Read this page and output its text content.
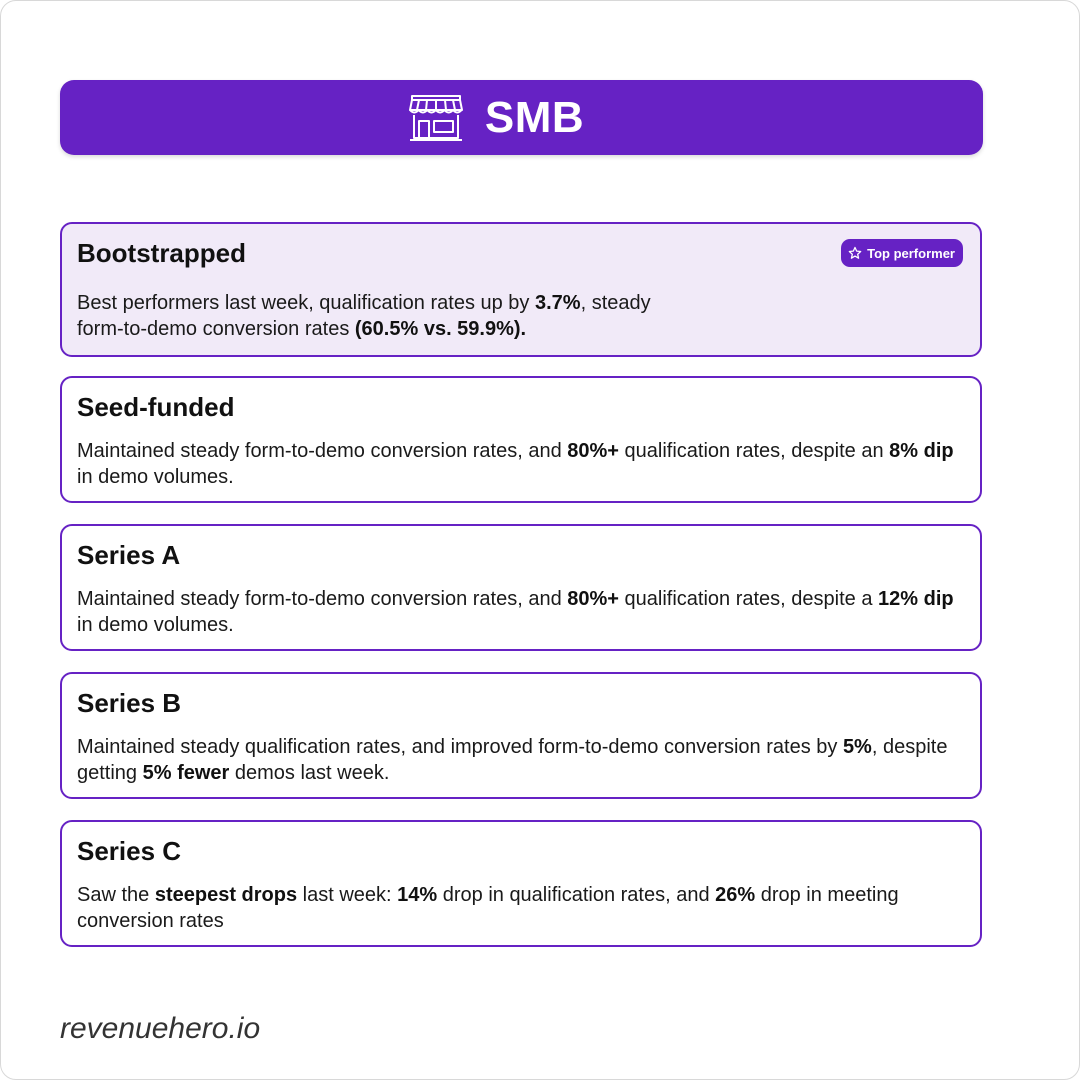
SMB
Bootstrapped	Top performer

Best performers last week, qualification rates up by 3.7%, steady
form-to-demo conversion rates (60.5% vs. 59.9%).

Seed-funded

Maintained steady form-to-demo conversion rates, and 80%+ qualification rates, despite an 8% dip in demo volumes.

Series A

Maintained steady form-to-demo conversion rates, and 80%+ qualification rates, despite a 12% dip in demo volumes.

Series B

Maintained steady qualification rates, and improved form-to-demo conversion rates by 5%, despite getting 5% fewer demos last week.

Series C

Saw the steepest drops last week: 14% drop in qualification rates, and 26% drop in meeting conversion rates

revenuehero.io
